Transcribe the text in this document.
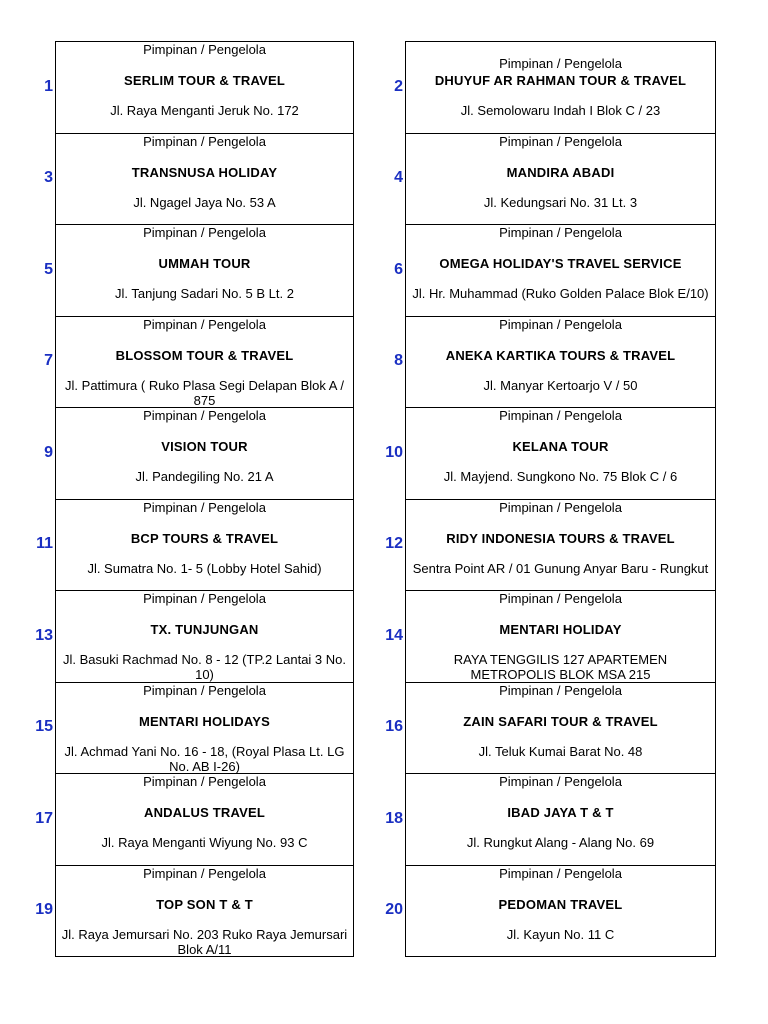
1
Pimpinan / Pengelola
SERLIM TOUR & TRAVEL
Jl. Raya Menganti Jeruk No. 172
3
Pimpinan / Pengelola
TRANSNUSA HOLIDAY
Jl. Ngagel Jaya No. 53 A
5
Pimpinan / Pengelola
UMMAH TOUR
Jl. Tanjung Sadari No. 5 B Lt. 2
7
Pimpinan / Pengelola
BLOSSOM TOUR & TRAVEL
Jl. Pattimura ( Ruko Plasa Segi Delapan Blok A / 875
9
Pimpinan / Pengelola
VISION TOUR
Jl. Pandegiling No. 21 A
11
Pimpinan / Pengelola
BCP TOURS & TRAVEL
Jl. Sumatra No. 1- 5 (Lobby Hotel Sahid)
13
Pimpinan / Pengelola
TX. TUNJUNGAN
Jl. Basuki Rachmad No. 8 - 12 (TP.2 Lantai 3 No. 10)
15
Pimpinan / Pengelola
MENTARI HOLIDAYS
Jl. Achmad Yani No. 16 - 18, (Royal Plasa Lt. LG No. AB I-26)
17
Pimpinan / Pengelola
ANDALUS TRAVEL
Jl. Raya Menganti Wiyung No. 93 C
19
Pimpinan / Pengelola
TOP SON T & T
Jl. Raya Jemursari No. 203 Ruko Raya Jemursari Blok A/11
2
Pimpinan / Pengelola
DHUYUF AR RAHMAN TOUR & TRAVEL
Jl. Semolowaru Indah I Blok C / 23
4
Pimpinan / Pengelola
MANDIRA ABADI
Jl. Kedungsari No. 31 Lt. 3
6
Pimpinan / Pengelola
OMEGA HOLIDAY'S TRAVEL SERVICE
Jl. Hr. Muhammad (Ruko Golden Palace Blok E/10)
8
Pimpinan / Pengelola
ANEKA KARTIKA TOURS & TRAVEL
Jl. Manyar Kertoarjo V / 50
10
Pimpinan / Pengelola
KELANA TOUR
Jl. Mayjend. Sungkono No. 75 Blok C / 6
12
Pimpinan / Pengelola
RIDY INDONESIA TOURS & TRAVEL
Sentra Point AR / 01 Gunung Anyar Baru - Rungkut
14
Pimpinan / Pengelola
MENTARI HOLIDAY
RAYA TENGGILIS 127 APARTEMEN METROPOLIS BLOK MSA 215
16
Pimpinan / Pengelola
ZAIN SAFARI TOUR & TRAVEL
Jl. Teluk Kumai Barat No. 48
18
Pimpinan / Pengelola
IBAD JAYA T & T
Jl. Rungkut Alang - Alang No. 69
20
Pimpinan / Pengelola
PEDOMAN TRAVEL
Jl. Kayun No. 11 C
